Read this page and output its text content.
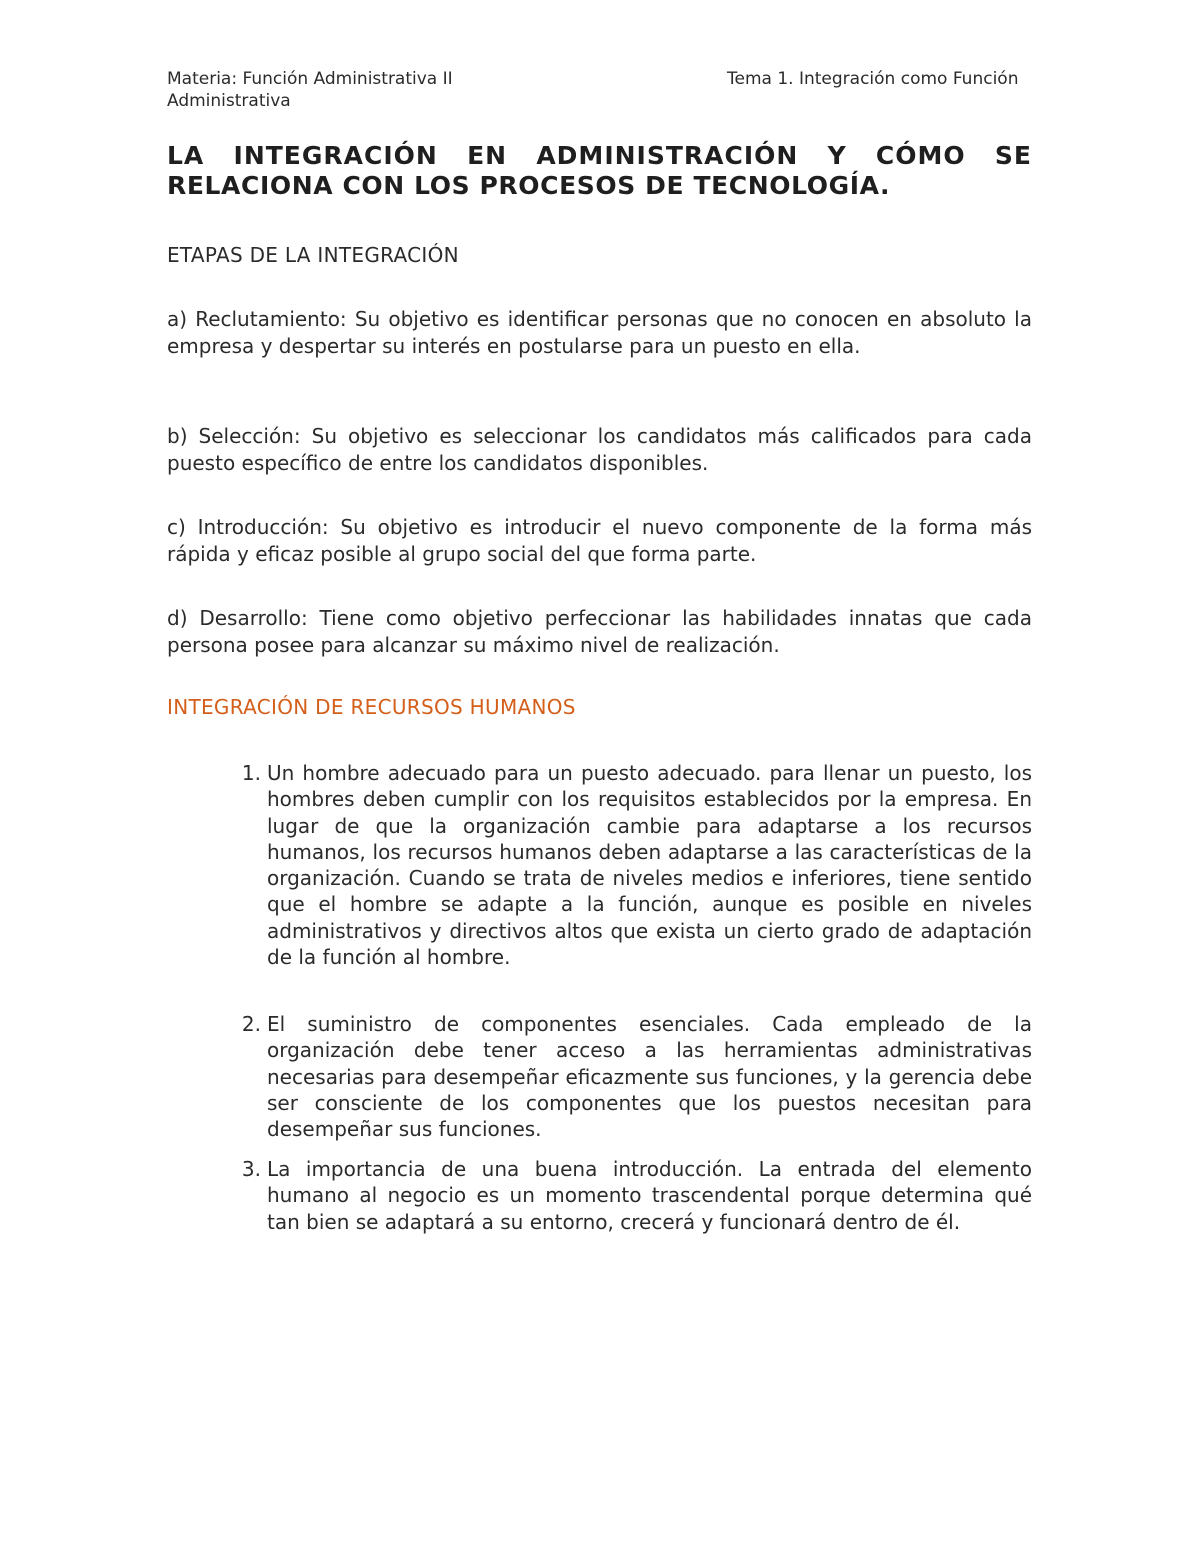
Materia: Función Administrativa II	Tema 1. Integración como Función
Administrativa
LA INTEGRACIÓN EN ADMINISTRACIÓN Y CÓMO SE
RELACIONA CON LOS PROCESOS DE TECNOLOGÍA.
ETAPAS DE LA INTEGRACIÓN

a) Reclutamiento: Su objetivo es identificar personas que no conocen en absoluto la empresa y despertar su interés en postularse para un puesto en ella.

b) Selección: Su objetivo es seleccionar los candidatos más calificados para cada puesto específico de entre los candidatos disponibles.

c) Introducción: Su objetivo es introducir el nuevo componente de la forma más rápida y eficaz posible al grupo social del que forma parte.

d) Desarrollo: Tiene como objetivo perfeccionar las habilidades innatas que cada persona posee para alcanzar su máximo nivel de realización.

INTEGRACIÓN DE RECURSOS HUMANOS
1. Un hombre adecuado para un puesto adecuado. para llenar un puesto, los hombres deben cumplir con los requisitos establecidos por la empresa. En lugar de que la organización cambie para adaptarse a los recursos humanos, los recursos humanos deben adaptarse a las características de la organización. Cuando se trata de niveles medios e inferiores, tiene sentido que el hombre se adapte a la función, aunque es posible en niveles administrativos y directivos altos que exista un cierto grado de adaptación de la función al hombre.
2. El suministro de componentes esenciales. Cada empleado de la organización debe tener acceso a las herramientas administrativas necesarias para desempeñar eficazmente sus funciones, y la gerencia debe ser consciente de los componentes que los puestos necesitan para desempeñar sus funciones.
3. La importancia de una buena introducción. La entrada del elemento humano al negocio es un momento trascendental porque determina qué tan bien se adaptará a su entorno, crecerá y funcionará dentro de él.
